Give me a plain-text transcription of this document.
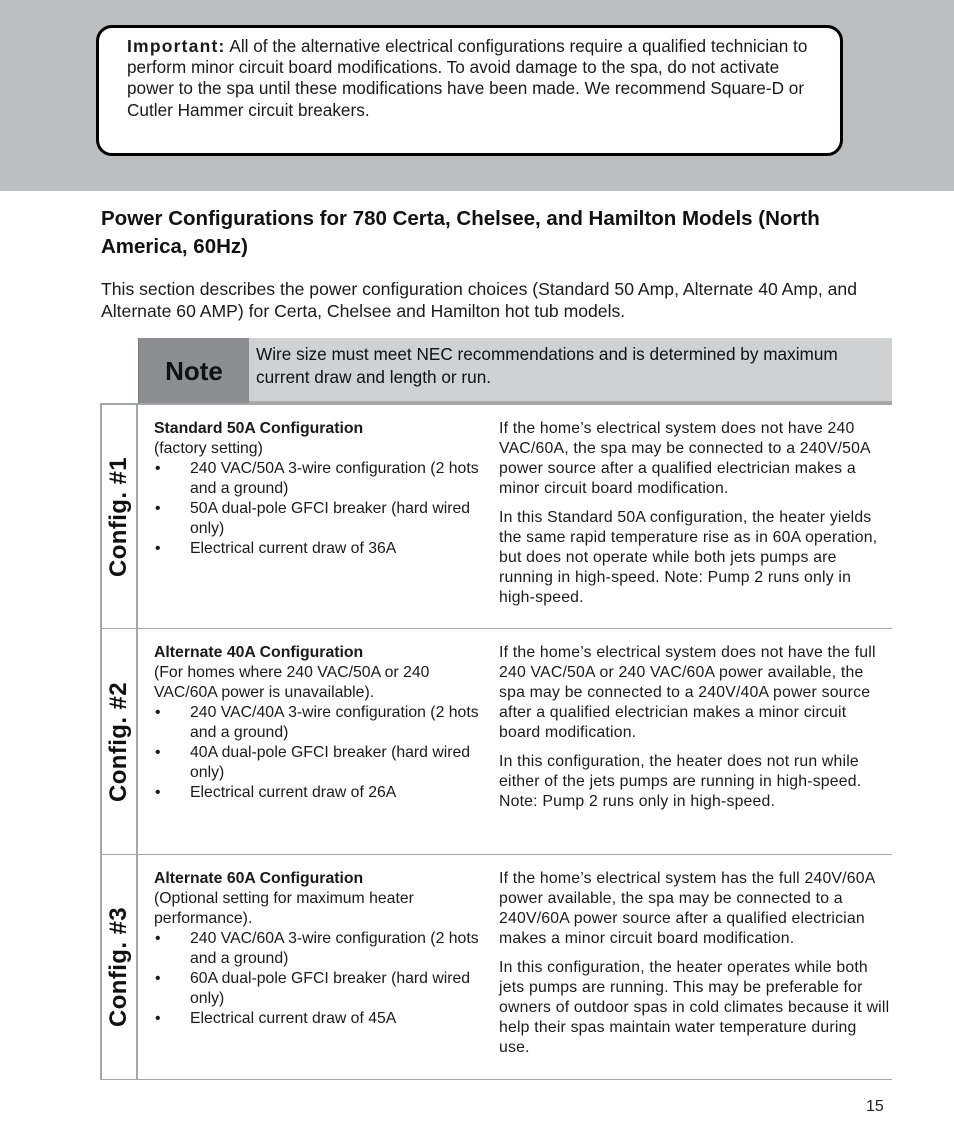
Important: All of the alternative electrical configurations require a qualified technician to perform minor circuit board modifications. To avoid damage to the spa, do not activate power to the spa until these modifications have been made. We recommend Square-D or Cutler Hammer circuit breakers.
Power Configurations for 780 Certa, Chelsee, and Hamilton Models (North America, 60Hz)

This section describes the power configuration choices (Standard 50 Amp, Alternate 40 Amp, and Alternate 60 AMP) for Certa, Chelsee and Hamilton hot tub models.

Note
Wire size must meet NEC recommendations and is determined by maximum current draw and length or run.
Config. #1
Standard 50A Configuration
(factory setting)
• 240 VAC/50A 3-wire configuration (2 hots and a ground)
• 50A dual-pole GFCI breaker (hard wired only)
• Electrical current draw of 36A

If the home’s electrical system does not have 240 VAC/60A, the spa may be connected to a 240V/50A power source after a qualified electrician makes a minor circuit board modification.

In this Standard 50A configuration, the heater yields the same rapid temperature rise as in 60A operation, but does not operate while both jets pumps are running in high-speed. Note: Pump 2 runs only in high-speed.

Config. #2
Alternate 40A Configuration
(For homes where 240 VAC/50A or 240 VAC/60A power is unavailable).
• 240 VAC/40A 3-wire configuration (2 hots and a ground)
• 40A dual-pole GFCI breaker (hard wired only)
• Electrical current draw of 26A

If the home’s electrical system does not have the full 240 VAC/50A or 240 VAC/60A power available, the spa may be connected to a 240V/40A power source after a qualified electrician makes a minor circuit board modification.

In this configuration, the heater does not run while either of the jets pumps are running in high-speed. Note: Pump 2 runs only in high-speed.

Config. #3
Alternate 60A Configuration
(Optional setting for maximum heater performance).
• 240 VAC/60A 3-wire configuration (2 hots and a ground)
• 60A dual-pole GFCI breaker (hard wired only)
• Electrical current draw of 45A

If the home’s electrical system has the full 240V/60A power available, the spa may be connected to a 240V/60A power source after a qualified electrician makes a minor circuit board modification.

In this configuration, the heater operates while both jets pumps are running. This may be preferable for owners of outdoor spas in cold climates because it will help their spas maintain water temperature during use.

15
